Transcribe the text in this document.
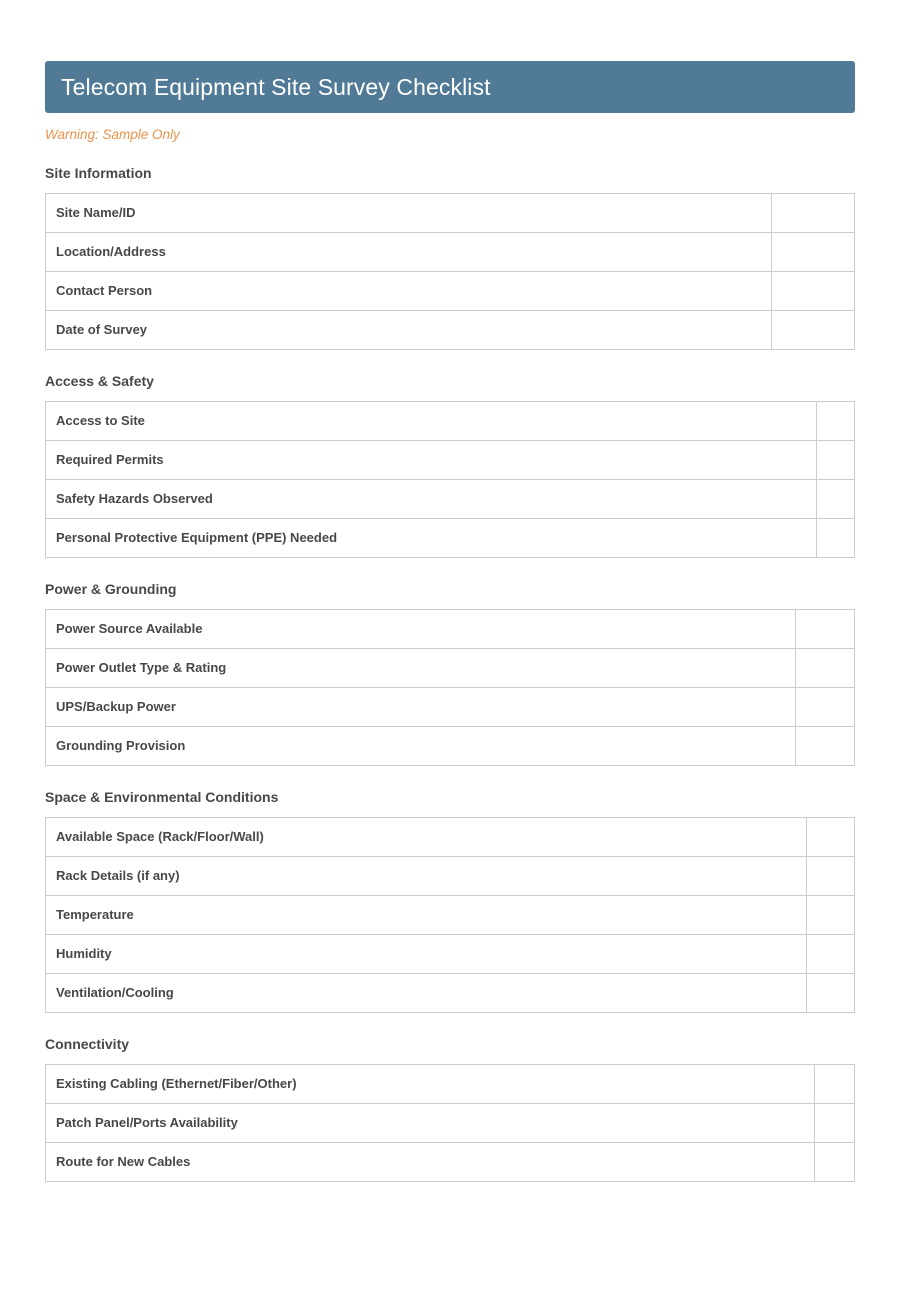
Telecom Equipment Site Survey Checklist
Warning: Sample Only
Site Information
Site Name/ID	
Location/Address	
Contact Person	
Date of Survey	
Access & Safety
Access to Site	
Required Permits	
Safety Hazards Observed	
Personal Protective Equipment (PPE) Needed	
Power & Grounding
Power Source Available	
Power Outlet Type & Rating	
UPS/Backup Power	
Grounding Provision	
Space & Environmental Conditions
Available Space (Rack/Floor/Wall)	
Rack Details (if any)	
Temperature	
Humidity	
Ventilation/Cooling	
Connectivity
Existing Cabling (Ethernet/Fiber/Other)	
Patch Panel/Ports Availability	
Route for New Cables	
